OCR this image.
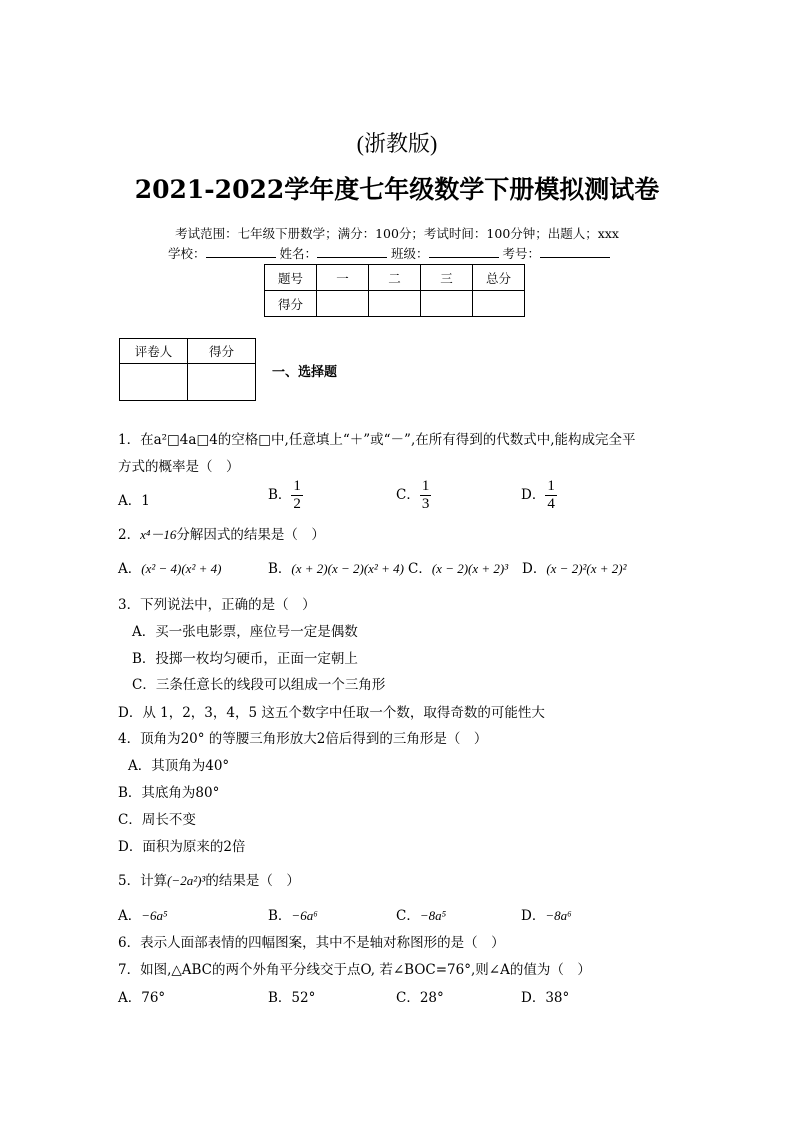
(浙教版)
2021-2022学年度七年级数学下册模拟测试卷
考试范围：七年级下册数学；满分：100分；考试时间：100分钟；出题人；xxx
学校：	姓名：	班级：	考号：
题号	一	二	三	总分
得分				
评卷人	得分

一、选择题
1．在a²□4a□4的空格□中,任意填上“＋”或“－”,在所有得到的代数式中,能构成完全平
方式的概率是（　）
A．1	B． $\frac{1}{2}$	C． $\frac{1}{3}$	D． $\frac{1}{4}$
2．x⁴－16分解因式的结果是（　）
A．(x² − 4)(x² + 4)	B．(x + 2)(x − 2)(x² + 4) C．(x − 2)(x + 2)³ D．(x − 2)²(x + 2)²
3．下列说法中，正确的是（　）
A．买一张电影票，座位号一定是偶数
B．投掷一枚均匀硬币，正面一定朝上
C．三条任意长的线段可以组成一个三角形
D．从 1，2，3，4，5 这五个数字中任取一个数，取得奇数的可能性大
4．顶角为20° 的等腰三角形放大2倍后得到的三角形是（　）
A．其顶角为40°
B．其底角为80°
C．周长不变
D．面积为原来的2倍
5．计算(−2a²)³的结果是（　）
A．−6a⁵	B．−6a⁶	C．−8a⁵	D．−8a⁶
6．表示人面部表情的四幅图案，其中不是轴对称图形的是（　）
7．如图,△ABC的两个外角平分线交于点O, 若∠BOC=76°,则∠A的值为（　）
A．76°	B．52°	C．28°	D．38°
